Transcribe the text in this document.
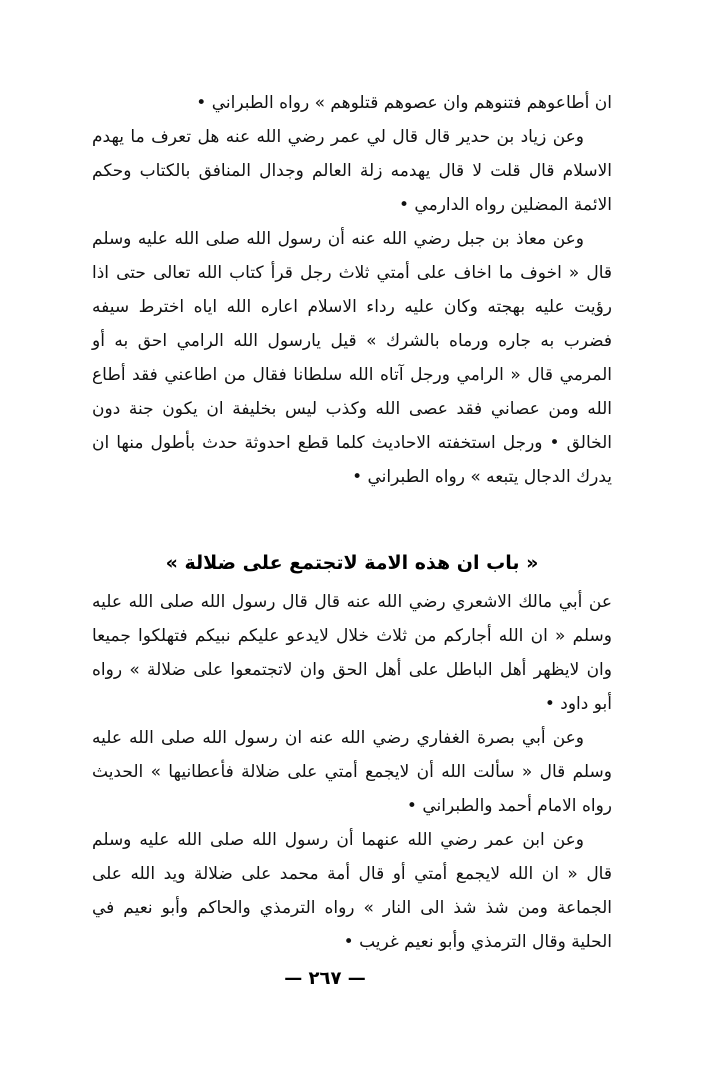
ان أطاعوهم فتنوهم وان عصوهم قتلوهم » رواه الطبراني •

وعن زياد بن حدير قال قال لي عمر رضي الله عنه هل تعرف ما يهدم الاسلام قال قلت لا قال يهدمه زلة العالم وجدال المنافق بالكتاب وحكم الائمة المضلين رواه الدارمي •

وعن معاذ بن جبل رضي الله عنه أن رسول الله صلى الله عليه وسلم قال « اخوف ما اخاف على أمتي ثلاث رجل قرأ كتاب الله تعالى حتى اذا رؤيت عليه بهجته وكان عليه رداء الاسلام اعاره الله اياه اخترط سيفه فضرب به جاره ورماه بالشرك » قيل يارسول الله الرامي احق به أو المرمي قال « الرامي ورجل آتاه الله سلطانا فقال من اطاعني فقد أطاع الله ومن عصاني فقد عصى الله وكذب ليس بخليفة ان يكون جنة دون الخالق • ورجل استخفته الاحاديث كلما قطع احدوثة حدث بأطول منها ان يدرك الدجال يتبعه » رواه الطبراني •

« باب ان هذه الامة لاتجتمع على ضلالة »

عن أبي مالك الاشعري رضي الله عنه قال قال رسول الله صلى الله عليه وسلم « ان الله أجاركم من ثلاث خلال لايدعو عليكم نبيكم فتهلكوا جميعا وان لايظهر أهل الباطل على أهل الحق وان لاتجتمعوا على ضلالة » رواه أبو داود •

وعن أبي بصرة الغفاري رضي الله عنه ان رسول الله صلى الله عليه وسلم قال « سألت الله أن لايجمع أمتي على ضلالة فأعطانيها » الحديث رواه الامام أحمد والطبراني •

وعن ابن عمر رضي الله عنهما أن رسول الله صلى الله عليه وسلم قال « ان الله لايجمع أمتي أو قال أمة محمد على ضلالة ويد الله على الجماعة ومن شذ شذ الى النار » رواه الترمذي والحاكم وأبو نعيم في الحلية وقال الترمذي وأبو نعيم غريب •

— ٢٦٧ —
